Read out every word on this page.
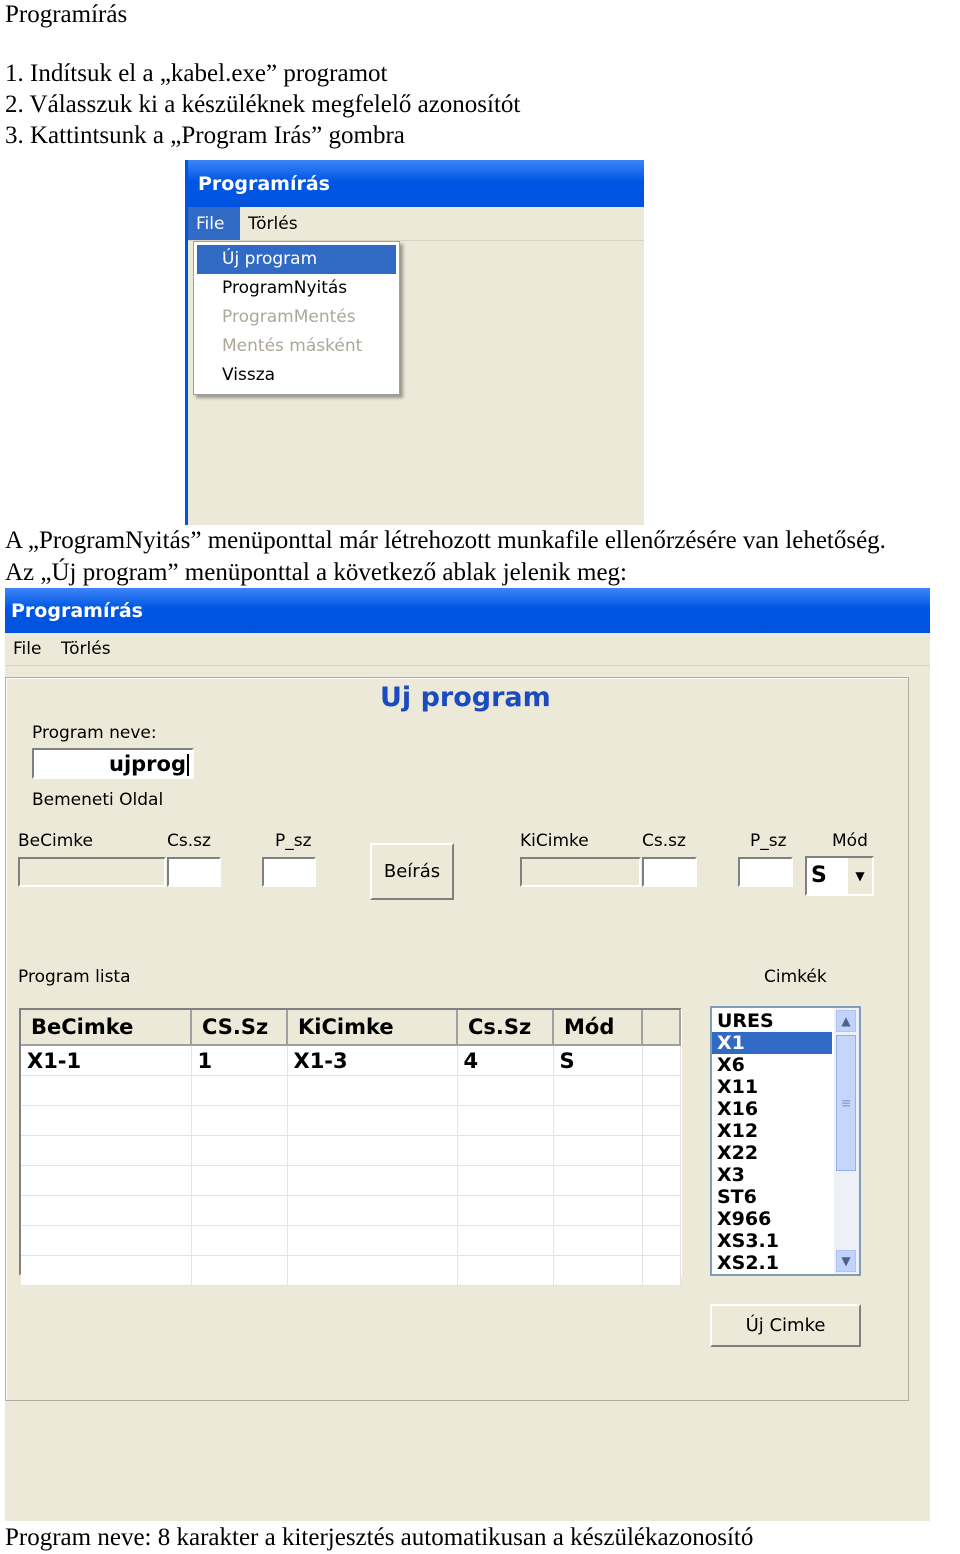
Programírás
1. Indítsuk el a „kabel.exe” programot
2. Válasszuk ki a készüléknek megfelelő azonosítót
3. Kattintsunk a „Program Irás” gombra
Programírás
File	Törlés
Új program
ProgramNyitás
ProgramMentés
Mentés másként
Vissza
A „ProgramNyitás” menüponttal már létrehozott munkafile ellenőrzésére van lehetőség.
Az „Új program” menüponttal a következő ablak jelenik meg:
Programírás
File	Törlés
Uj program
Program neve:
ujprog
Bemeneti Oldal
BeCimke	Cs.sz	P_sz
Beírás
KiCimke	Cs.sz	P_sz	Mód
S	▼
Program lista	Cimkék
BeCimke	CS.Sz	KiCimke	Cs.Sz	Mód	
X1-1	1	X1-3	4	S	

URES
X1
X6
X11
X16
X12
X22
X3
ST6
X966
XS3.1
XS2.1
▲
≡
▼
Új Cimke
Program neve: 8 karakter a kiterjesztés automatikusan a készülékazonosító
